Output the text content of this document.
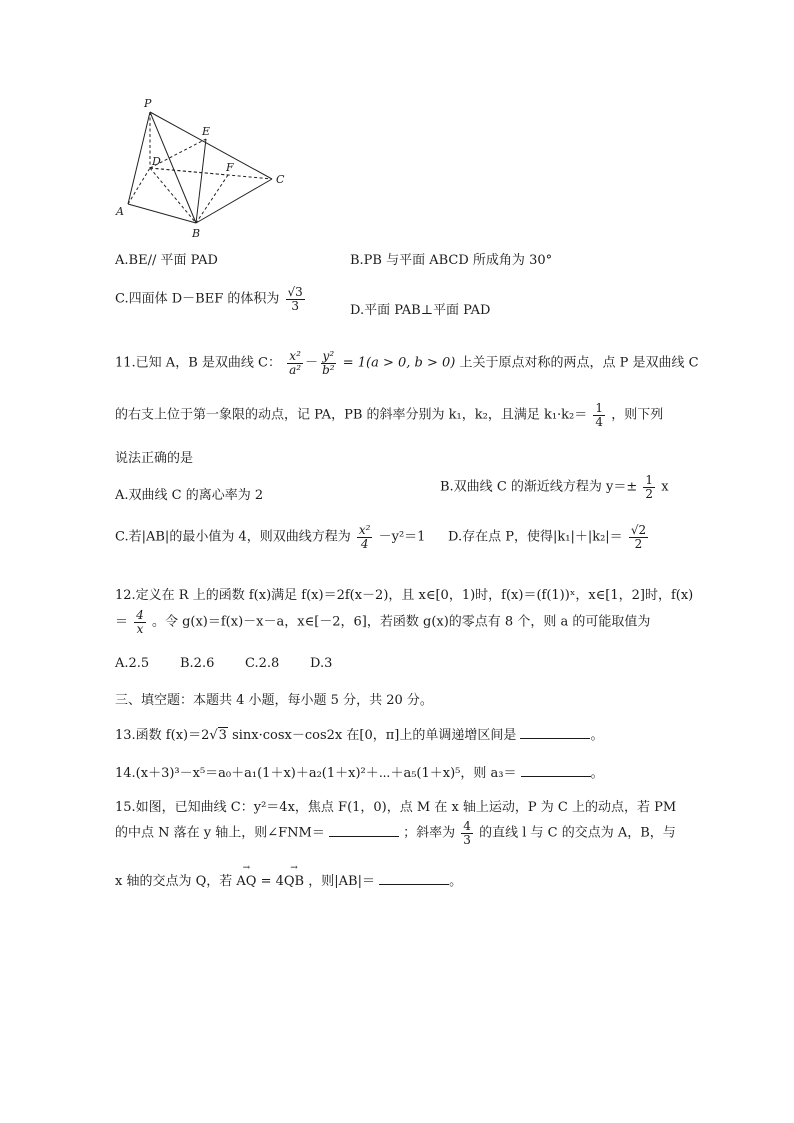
P
E
D	F
C
A
B
A.BE// 平面 PAD	B.PB 与平面 ABCD 所成角为 30°
C.四面体 D－BEF 的体积为 $\frac{√3}{3}$	D.平面 PAB⊥平面 PAD
11.已知 A，B 是双曲线 C： $\frac{\text{x²}}{\text{a²}} - \frac{\text{y²}}{\text{b²}} = 1(a > 0$, b > 0) 上关于原点对称的两点，点 P 是双曲线 C
的右支上位于第一象限的动点，记 PA，PB 的斜率分别为 k₁，k₂，且满足 $k_1\cdot k_2= \frac{1}{4}$ ，则下列
说法正确的是
A.双曲线 C 的离心率为 2
B.双曲线 C 的渐近线方程为 $y=\pm \frac{1}{2}$ x
C.若|AB|的最小值为 4，则双曲线方程为 $\frac{\text{x²}}{4} -y^2=1$ D.存在点 P，使得$|k_1|+|k_2|= \frac{√2}{2}$
12.定义在 R 上的函数 f(x)满足 f(x)＝2f(x－2)，且 x∈[0，1)时，f(x)＝(f(1))ˣ，x∈[1，2]时，f(x)
＝ $\frac{4}{x}$ 。令 g(x)＝f(x)－x－a，x∈[－2，6]，若函数 g(x)的零点有 8 个，则 a 的可能取值为
A.2.5 B.2.6 C.2.8 D.3
三、填空题：本题共 4 小题，每小题 5 分，共 20 分。
13.函数 f(x)＝2√3 sinx·cosx－cos2x 在[0，π]上的单调递增区间是	。
14.(x＋3)³－x⁵＝a₀＋a₁(1＋x)＋a₂(1＋x)²＋⋯＋a₅(1＋x)⁵，则 a₃＝	。
15.如图，已知曲线 C：y²＝4x，焦点 F(1，0)，点 M 在 x 轴上运动，P 为 C 上的动点，若 PM
的中点 N 落在 y 轴上，则∠FNM＝	；斜率为 $\frac{4}{3}$ 的直线 l 与 C 的交点为 A，B，与
x 轴的交点为 Q，若 → AQ = 4→ QB ，则|AB|＝	。
